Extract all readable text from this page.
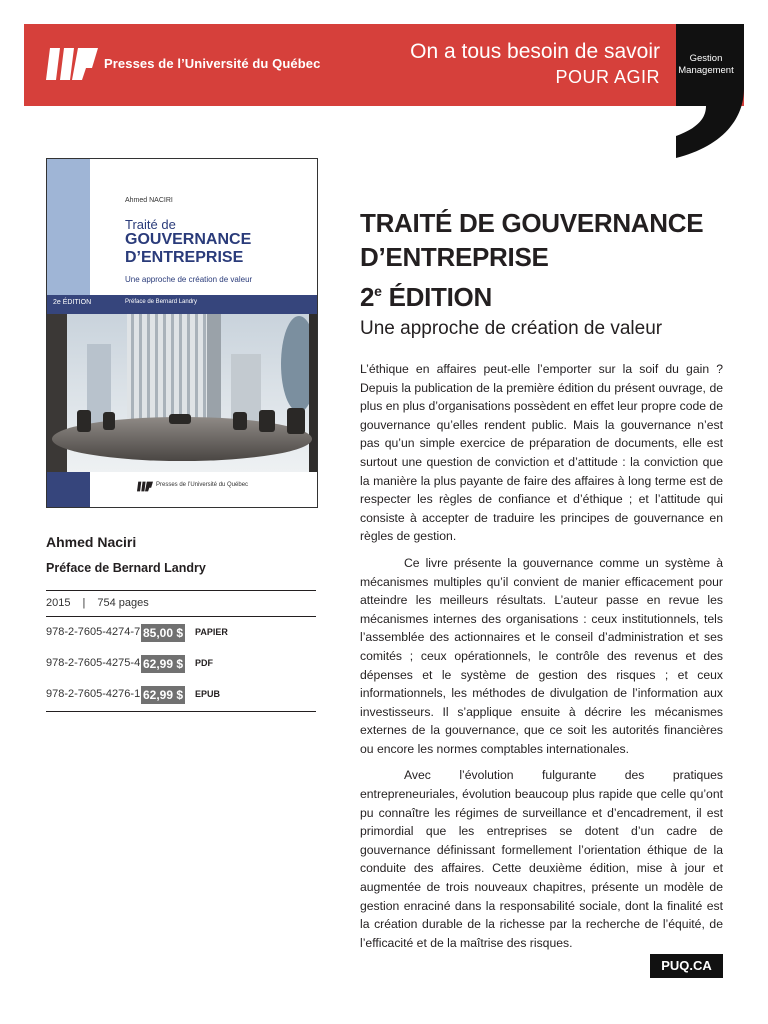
Presses de l’Université du Québec
On a tous besoin de savoir
POUR AGIR
Gestion
Management
Ahmed NACIRI
Traité de
GOUVERNANCE
D’ENTREPRISE
Une approche de création de valeur
2e ÉDITION	Préface de Bernard Landry
Presses de l’Université du Québec
Ahmed Naciri
Préface de Bernard Landry
2015 | 754 pages
978-2-7605-4274-7 85,00 $ PAPIER
978-2-7605-4275-4 62,99 $ PDF
978-2-7605-4276-1 62,99 $ EPUB
TRAITÉ DE GOUVERNANCE
D’ENTREPRISE
2e ÉDITION
Une approche de création de valeur

L’éthique en affaires peut-elle l’emporter sur la soif du gain ? Depuis la publication de la première édition du présent ouvrage, de plus en plus d’organisations possèdent en effet leur propre code de gouvernance qu’elles rendent public. Mais la gouvernance n’est pas qu’un simple exercice de préparation de documents, elle est surtout une question de conviction et d’attitude : la conviction que la manière la plus payante de faire des affaires à long terme est de respecter les règles de confiance et d’éthique ; et l’attitude qui consiste à accepter de traduire les principes de gouvernance en règles de gestion.

Ce livre présente la gouvernance comme un système à mécanismes multiples qu’il convient de manier efficacement pour atteindre les meilleurs résultats. L’auteur passe en revue les mécanismes internes des organisations : ceux institutionnels, tels l’assemblée des actionnaires et le conseil d’administration et ses comités ; ceux opérationnels, le contrôle des revenus et des dépenses et le système de gestion des risques ; et ceux informationnels, les méthodes de divulgation de l’information aux investisseurs. Il s’applique ensuite à décrire les mécanismes externes de la gouvernance, que ce soit les autorités financières ou encore les normes comptables internationales.

Avec l’évolution fulgurante des pratiques entrepreneuriales, évolution beaucoup plus rapide que celle qu’ont pu connaître les régimes de surveillance et d’encadrement, il est primordial que les entreprises se dotent d’un cadre de gouvernance définissant formellement l’orientation éthique de la conduite des affaires. Cette deuxième édition, mise à jour et augmentée de trois nouveaux chapitres, présente un modèle de gestion enraciné dans la responsabilité sociale, dont la finalité est la création durable de la richesse par la recherche de l’équité, de l’efficacité et de la maîtrise des risques.

PUQ.CA
